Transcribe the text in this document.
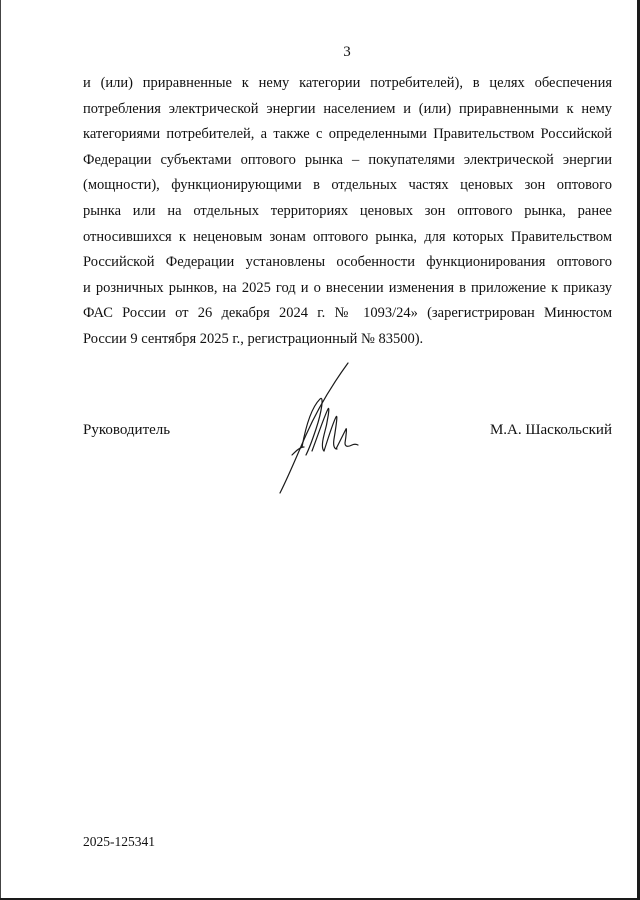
3
и (или) приравненные к нему категории потребителей), в целях обеспечения
потребления электрической энергии населением и (или) приравненными к нему
категориями потребителей, а также с определенными Правительством Российской
Федерации субъектами оптового рынка – покупателями электрической энергии
(мощности), функционирующими в отдельных частях ценовых зон оптового
рынка или на отдельных территориях ценовых зон оптового рынка, ранее
относившихся к неценовым зонам оптового рынка, для которых Правительством
Российской Федерации установлены особенности функционирования оптового
и розничных рынков, на 2025 год и о внесении изменения в приложение к приказу
ФАС России от 26 декабря 2024 г. № 1093/24» (зарегистрирован Минюстом
России 9 сентября 2025 г., регистрационный № 83500).
Руководитель	М.А. Шаскольский
2025-125341
